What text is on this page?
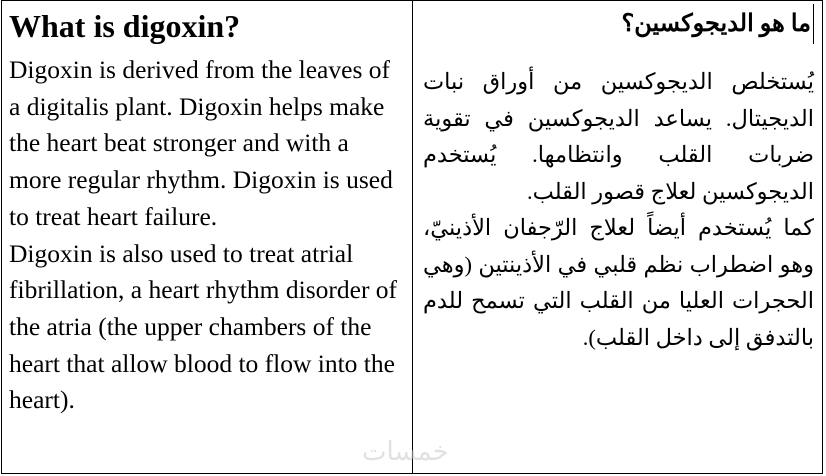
What is digoxin?

Digoxin is derived from the leaves of a digitalis plant. Digoxin helps make the heart beat stronger and with a more regular rhythm. Digoxin is used to treat heart failure.

Digoxin is also used to treat atrial fibrillation, a heart rhythm disorder of the atria (the upper chambers of the heart that allow blood to flow into the heart).

ما هو الديجوكسين؟

يُستخلص الديجوكسين من أوراق نبات الديجيتال. يساعد الديجوكسين في تقوية ضربات القلب وانتظامها. يُستخدم الديجوكسين لعلاج قصور القلب.

كما يُستخدم أيضاً لعلاج الرّجفان الأذينيّ، وهو اضطراب نظم قلبي في الأذينتين (وهي الحجرات العليا من القلب التي تسمح للدم بالتدفق إلى داخل القلب).

خمسات
